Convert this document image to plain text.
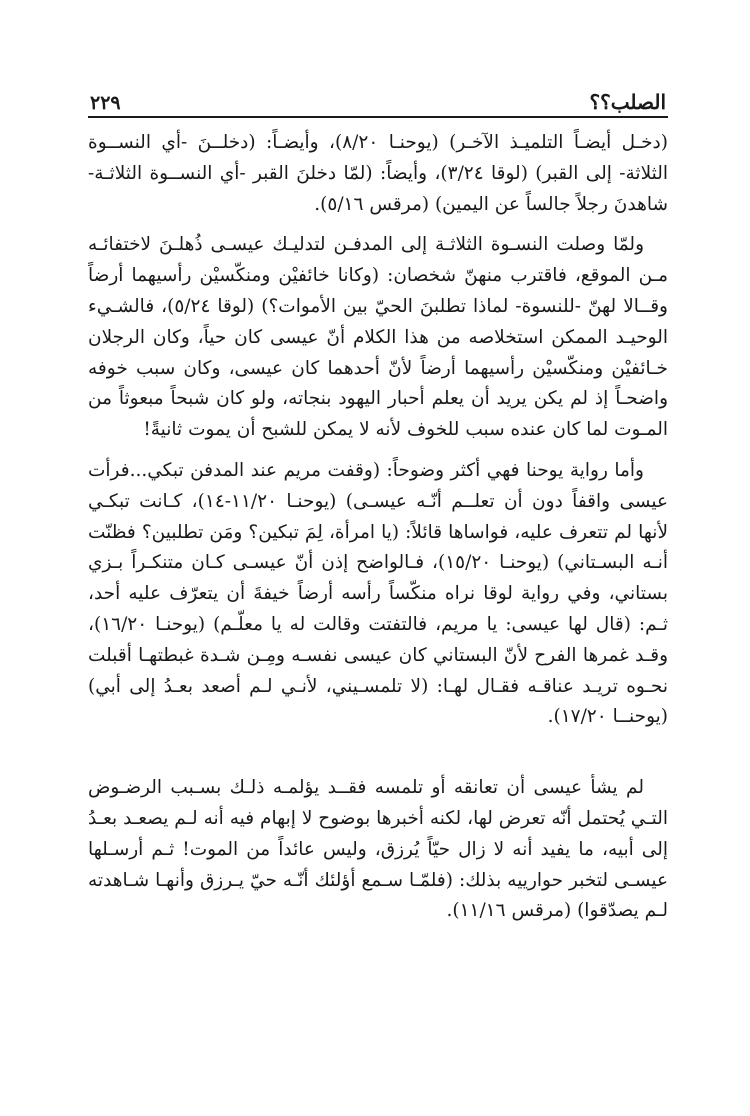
الصلب؟؟
٢٢٩

(دخـل أيضـاً التلميـذ الآخـر) (يوحنـا ٨/٢٠)، وأيضـاً: (دخلــنَ -أي النســوة الثلاثة- إلى القبر) (لوقا ٣/٢٤)، وأيضاً: (لمّا دخلنَ القبر -أي النســوة الثلاثـة- شاهدنَ رجلاً جالساً عن اليمين) (مرقس ٥/١٦).

ولمّا وصلت النسـوة الثلاثـة إلى المدفـن لتدليـك عيسـى ذُهلـنَ لاختفائـه مـن الموقع، فاقترب منهنّ شخصان: (وكانا خائفيْن ومنكّسيْن رأسيهما أرضاً وقــالا لهنّ -للنسوة- لماذا تطلبنَ الحيّ بين الأموات؟) (لوقا ٥/٢٤)، فالشـيء الوحيـد الممكن استخلاصه من هذا الكلام أنّ عيسى كان حياً، وكان الرجلان خـائفيْن ومنكّسيْن رأسيهما أرضاً لأنّ أحدهما كان عيسى، وكان سبب خوفه واضحـاً إذ لم يكن يريد أن يعلم أحبار اليهود بنجاته، ولو كان شبحاً مبعوثاً من المـوت لما كان عنده سبب للخوف لأنه لا يمكن للشبح أن يموت ثانيةً!

وأما رواية يوحنا فهي أكثر وضوحاً: (وقفت مريم عند المدفن تبكي...فرأت عيسى واقفاً دون أن تعلــم أنّـه عيسـى) (يوحنـا ١١/٢٠-١٤)، كـانت تبكـي لأنها لم تتعرف عليه، فواساها قائلاً: (يا امرأة، لِمَ تبكين؟ ومَن تطلبين؟ فظنّت أنـه البسـتاني) (يوحنـا ١٥/٢٠)، فـالواضح إذن أنّ عيسـى كـان متنكـراً بـزي بستاني، وفي رواية لوقا نراه منكّساً رأسه أرضاً خيفةَ أن يتعرّف عليه أحد، ثـم: (قال لها عيسى: يا مريم، فالتفتت وقالت له يا معلّـم) (يوحنـا ١٦/٢٠)، وقـد غمرها الفرح لأنّ البستاني كان عيسى نفسـه ومِـن شـدة غبطتهـا أقبلت نحـوه تريـد عناقـه فقـال لهـا: (لا تلمسـيني، لأنـي لـم أصعد بعـدُ إلى أبي) (يوحنــا ١٧/٢٠).

لم يشأ عيسى أن تعانقه أو تلمسه فقــد يؤلمـه ذلـك بسـبب الرضـوض التـي يُحتمل أنّه تعرض لها، لكنه أخبرها بوضوح لا إبهام فيه أنه لـم يصعـد بعـدُ إلى أبيه، ما يفيد أنه لا زال حيّاً يُرزق، وليس عائداً من الموت! ثـم أرسـلها عيسـى لتخبر حوارييه بذلك: (فلمّـا سـمع أؤلئك أنّـه حيّ يـرزق وأنهـا شـاهدته لـم يصدّقوا) (مرقس ١١/١٦).
